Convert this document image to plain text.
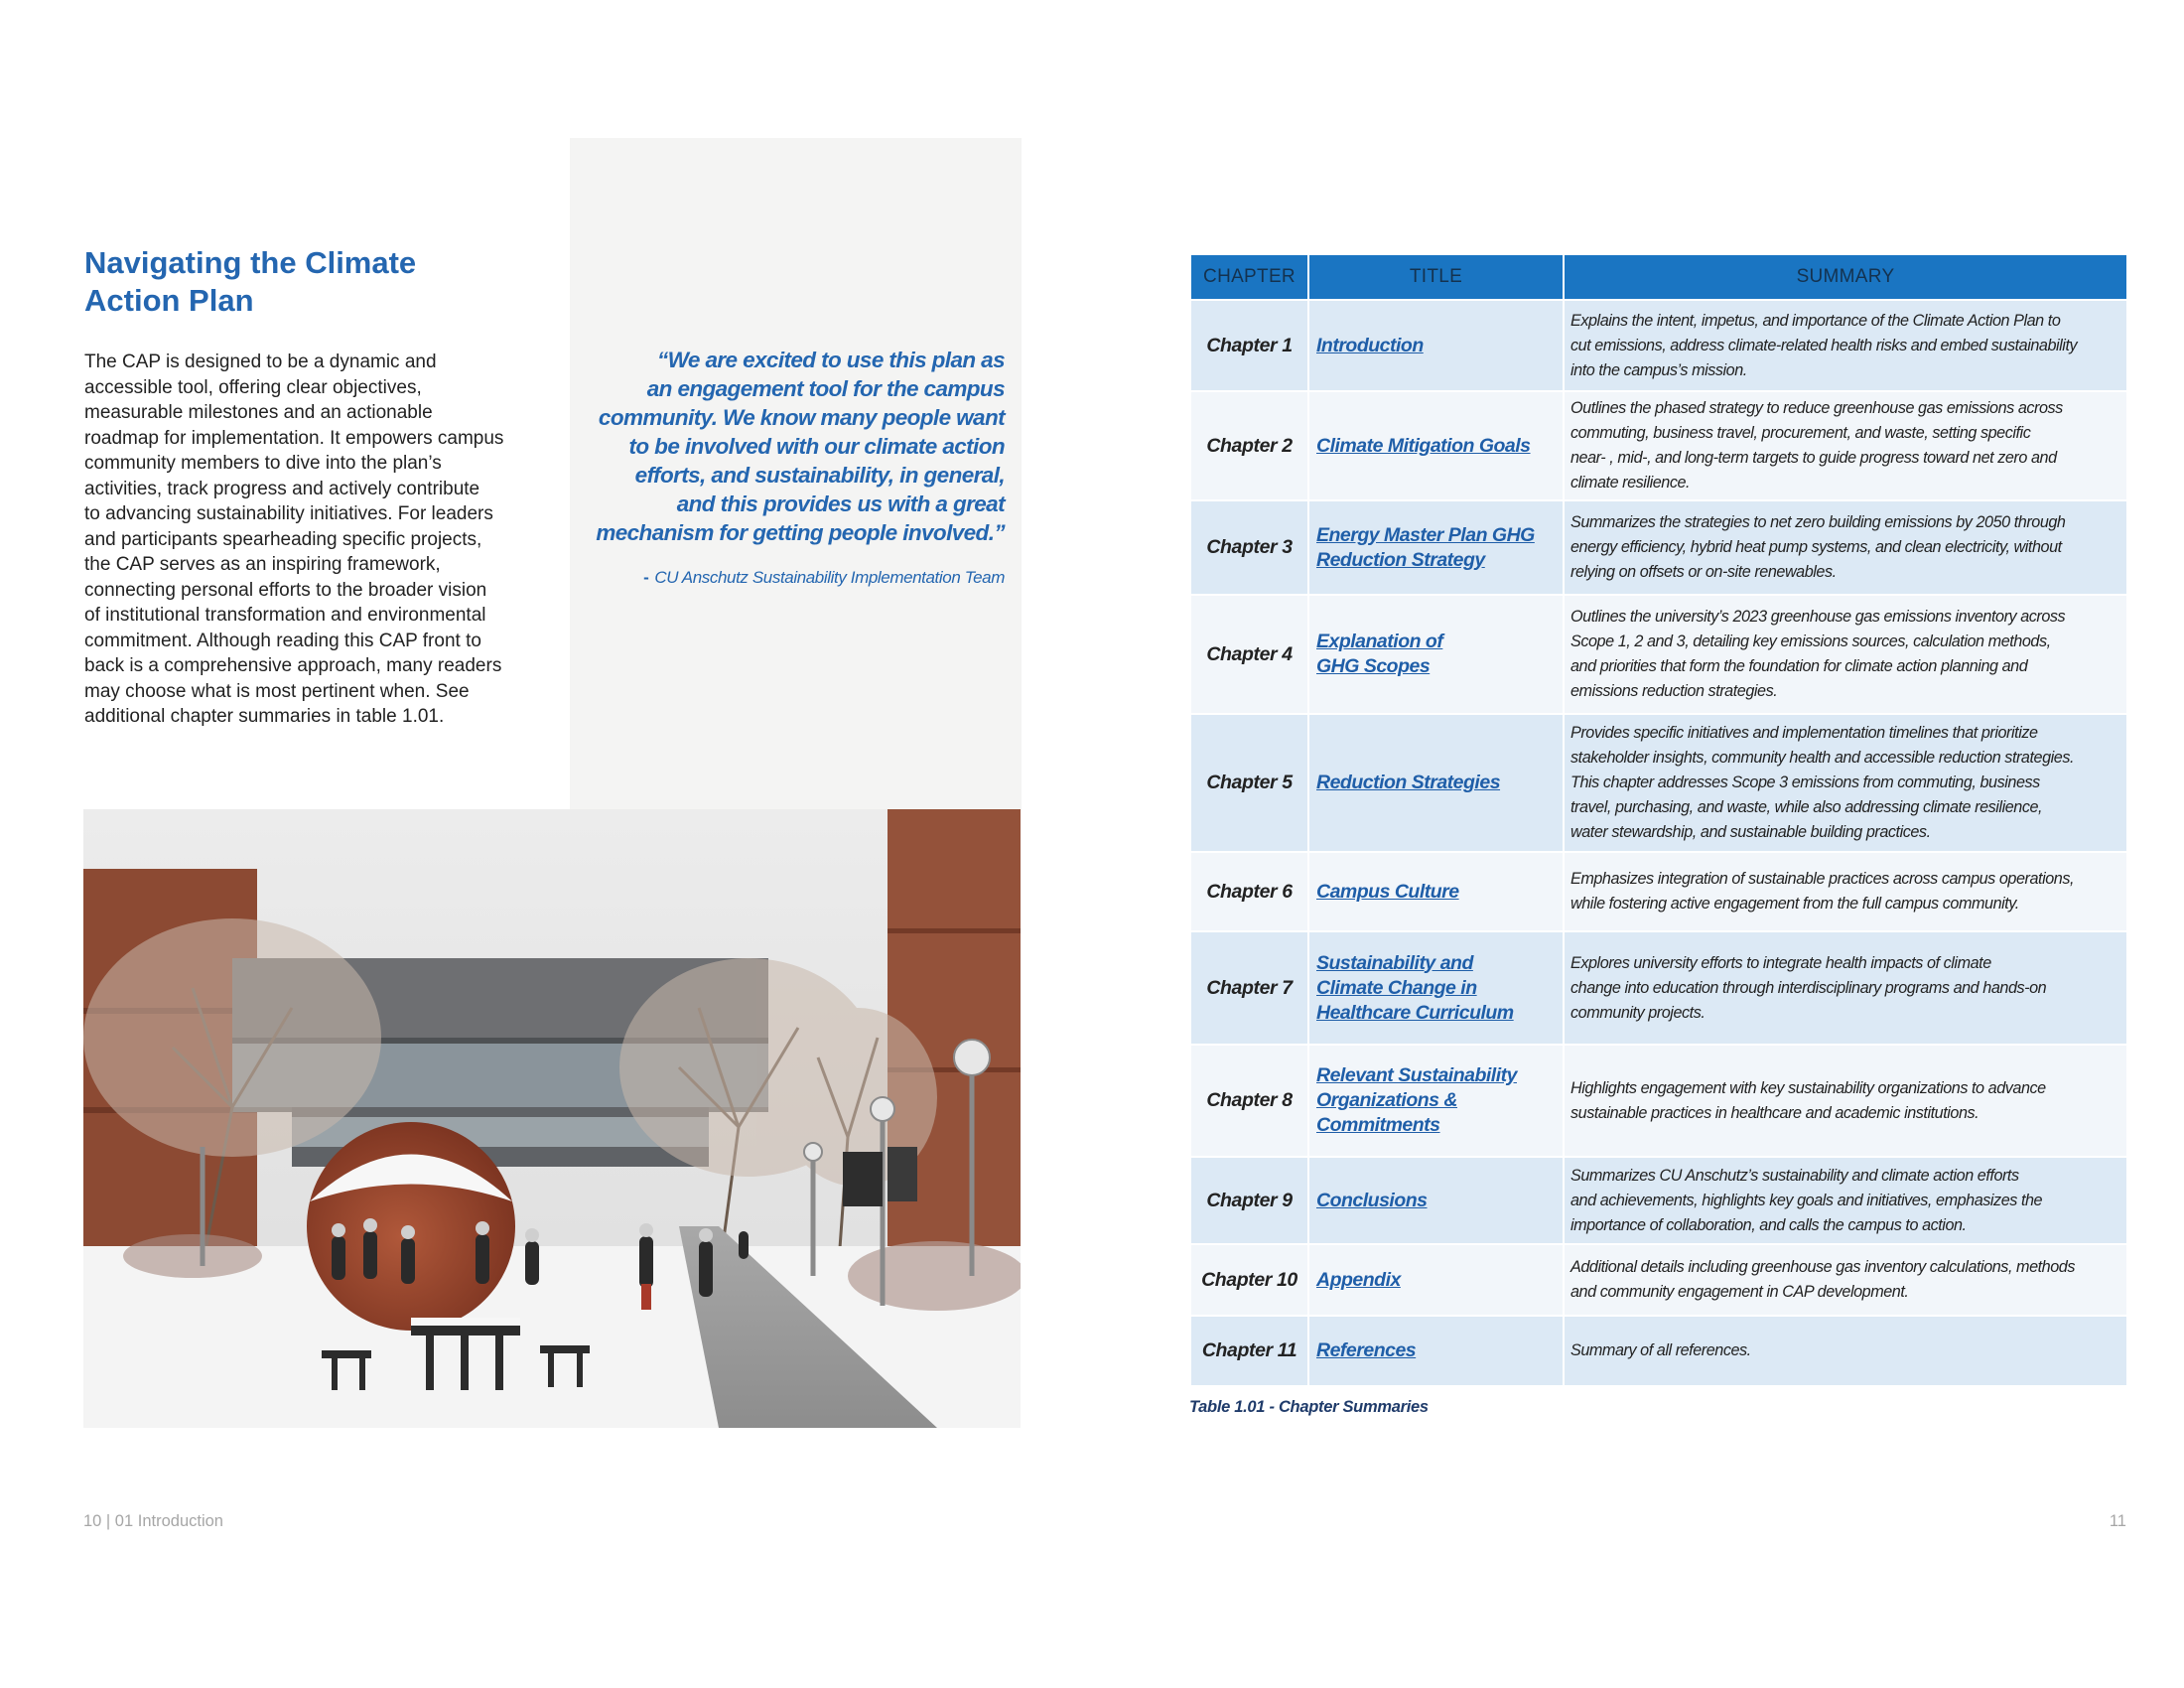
Navigating the Climate
Action Plan

The CAP is designed to be a dynamic and
accessible tool, offering clear objectives,
measurable milestones and an actionable
roadmap for implementation. It empowers campus
community members to dive into the plan’s
activities, track progress and actively contribute
to advancing sustainability initiatives. For leaders
and participants spearheading specific projects,
the CAP serves as an inspiring framework,
connecting personal efforts to the broader vision
of institutional transformation and environmental
commitment. Although reading this CAP front to
back is a comprehensive approach, many readers
may choose what is most pertinent when. See
additional chapter summaries in table 1.01.

“We are excited to use this plan as
an engagement tool for the campus
community. We know many people want
to be involved with our climate action
efforts, and sustainability, in general,
and this provides us with a great
mechanism for getting people involved.”

- CU Anschutz Sustainability Implementation Team

CHAPTER	TITLE	SUMMARY
Chapter 1	Introduction	Explains the intent, impetus, and importance of the Climate Action Plan to
cut emissions, address climate-related health risks and embed sustainability
into the campus’s mission.
Chapter 2	Climate Mitigation Goals	Outlines the phased strategy to reduce greenhouse gas emissions across
commuting, business travel, procurement, and waste, setting specific
near- , mid-, and long-term targets to guide progress toward net zero and
climate resilience.
Chapter 3	Energy Master Plan GHG
Reduction Strategy	Summarizes the strategies to net zero building emissions by 2050 through
energy efficiency, hybrid heat pump systems, and clean electricity, without
relying on offsets or on-site renewables.
Chapter 4	Explanation of
GHG Scopes	Outlines the university’s 2023 greenhouse gas emissions inventory across
Scope 1, 2 and 3, detailing key emissions sources, calculation methods,
and priorities that form the foundation for climate action planning and
emissions reduction strategies.
Chapter 5	Reduction Strategies	Provides specific initiatives and implementation timelines that prioritize
stakeholder insights, community health and accessible reduction strategies.
This chapter addresses Scope 3 emissions from commuting, business
travel, purchasing, and waste, while also addressing climate resilience,
water stewardship, and sustainable building practices.
Chapter 6	Campus Culture	Emphasizes integration of sustainable practices across campus operations,
while fostering active engagement from the full campus community.
Chapter 7	Sustainability and
Climate Change in
Healthcare Curriculum	Explores university efforts to integrate health impacts of climate
change into education through interdisciplinary programs and hands-on
community projects.
Chapter 8	Relevant Sustainability
Organizations &
Commitments	Highlights engagement with key sustainability organizations to advance
sustainable practices in healthcare and academic institutions.
Chapter 9	Conclusions	Summarizes CU Anschutz’s sustainability and climate action efforts
and achievements, highlights key goals and initiatives, emphasizes the
importance of collaboration, and calls the campus to action.
Chapter 10	Appendix	Additional details including greenhouse gas inventory calculations, methods
and community engagement in CAP development.
Chapter 11	References	Summary of all references.

Table 1.01 - Chapter Summaries

10 | 01 Introduction	11
